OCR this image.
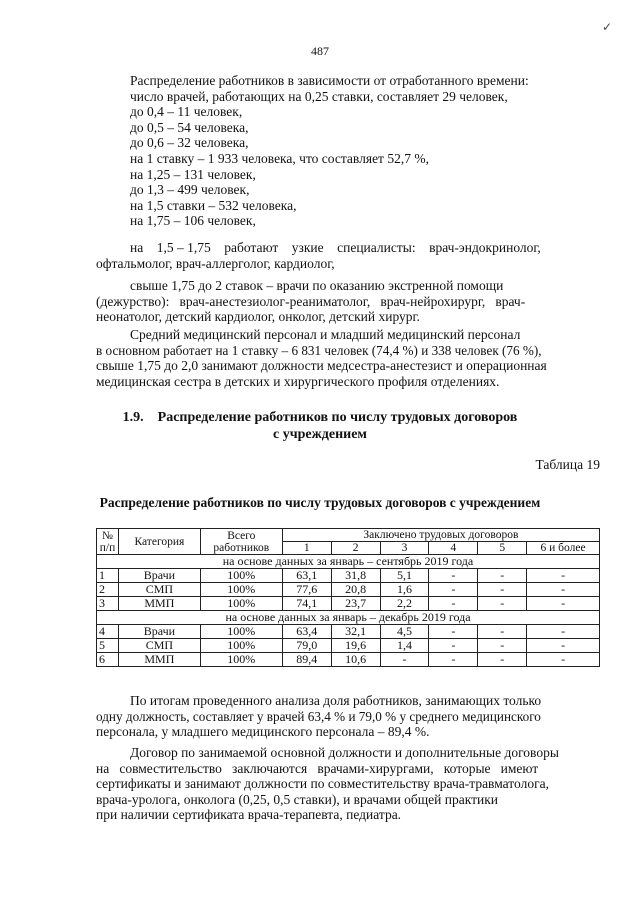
✓
487
Распределение работников в зависимости от отработанного времени:
число врачей, работающих на 0,25 ставки, составляет 29 человек,
до 0,4 – 11 человек,
до 0,5 – 54 человека,
до 0,6 – 32 человека,
на 1 ставку – 1 933 человека, что составляет 52,7 %,
на 1,25 – 131 человек,
до 1,3 – 499 человек,
на 1,5 ставки – 532 человека,
на 1,75 – 106 человек,
на    1,5 – 1,75    работают    узкие    специалисты:    врач-эндокринолог,
офтальмолог, врач-аллерголог, кардиолог,
свыше 1,75 до 2 ставок – врачи по оказанию экстренной помощи
(дежурство):   врач-анестезиолог-реаниматолог,   врач-нейрохирург,   врач-
неонатолог, детский кардиолог, онколог, детский хирург.
Средний медицинский персонал и младший медицинский персонал
в основном работает на 1 ставку – 6 831 человек (74,4 %) и 338 человек (76 %),
свыше 1,75 до 2,0 занимают должности медсестра-анестезист и операционная
медицинская сестра в детских и хирургического профиля отделениях.
1.9.    Распределение работников по числу трудовых договоров
с учреждением
Таблица 19
Распределение работников по числу трудовых договоров с учреждением
№ п/п	Категория	Всего работников	Заключено трудовых договоров					
			1	2	3	4	5	6 и более
на основе данных за январь – сентябрь 2019 года								
1	Врачи	100%	63,1	31,8	5,1	-	-	-
2	СМП	100%	77,6	20,8	1,6	-	-	-
3	ММП	100%	74,1	23,7	2,2	-	-	-
на основе данных за январь – декабрь 2019 года								
4	Врачи	100%	63,4	32,1	4,5	-	-	-
5	СМП	100%	79,0	19,6	1,4	-	-	-
6	ММП	100%	89,4	10,6	-	-	-	-
По итогам проведенного анализа доля работников, занимающих только
одну должность, составляет у врачей 63,4 % и 79,0 % у среднего медицинского
персонала, у младшего медицинского персонала – 89,4 %.
Договор по занимаемой основной должности и дополнительные договоры
на   совместительство   заключаются   врачами-хирургами,   которые   имеют
сертификаты и занимают должности по совместительству врача-травматолога,
врача-уролога, онколога (0,25, 0,5 ставки), и врачами общей практики
при наличии сертификата врача-терапевта, педиатра.
